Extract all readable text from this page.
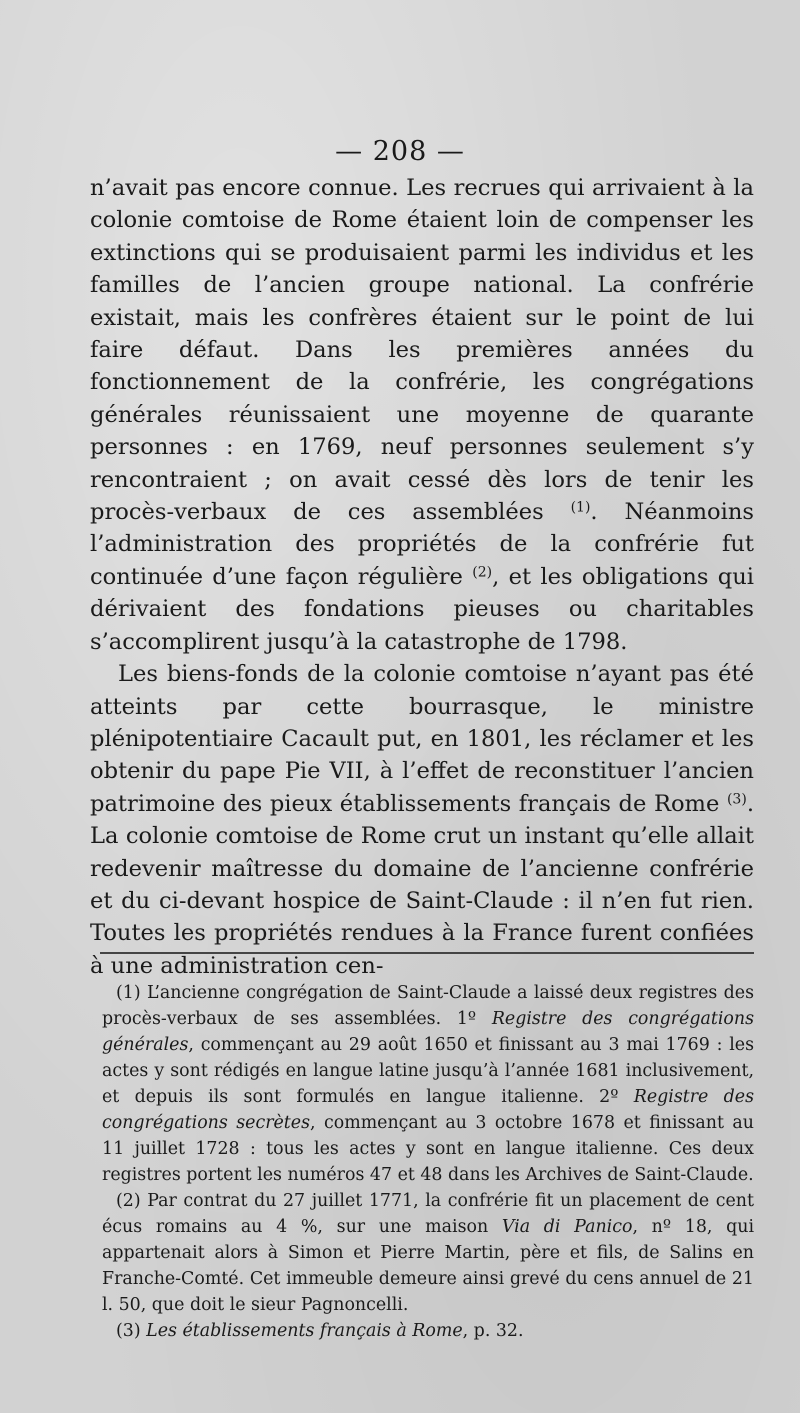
— 208 —

n’avait pas encore connue. Les recrues qui arrivaient à la colonie comtoise de Rome étaient loin de compenser les extinctions qui se produisaient parmi les individus et les familles de l’ancien groupe national. La confrérie existait, mais les confrères étaient sur le point de lui faire défaut. Dans les premières années du fonctionnement de la confrérie, les congrégations générales réunissaient une moyenne de quarante personnes : en 1769, neuf personnes seulement s’y rencontraient ; on avait cessé dès lors de tenir les procès-verbaux de ces assemblées $^{(1)}$. Néanmoins l’administration des propriétés de la confrérie fut continuée d’une façon régulière $^{(2)}$, et les obligations qui dérivaient des fondations pieuses ou charitables s’accomplirent jusqu’à la catastrophe de 1798.

Les biens-fonds de la colonie comtoise n’ayant pas été atteints par cette bourrasque, le ministre plénipotentiaire Cacault put, en 1801, les réclamer et les obtenir du pape Pie VII, à l’effet de reconstituer l’ancien patrimoine des pieux établissements français de Rome $^{(3)}$. La colonie comtoise de Rome crut un instant qu’elle allait redevenir maîtresse du domaine de l’ancienne confrérie et du ci-devant hospice de Saint-Claude : il n’en fut rien. Toutes les propriétés rendues à la France furent confiées à une administration cen-

(1) L’ancienne congrégation de Saint-Claude a laissé deux registres des procès-verbaux de ses assemblées. 1º Registre des congrégations générales, commençant au 29 août 1650 et finissant au 3 mai 1769 : les actes y sont rédigés en langue latine jusqu’à l’année 1681 inclusivement, et depuis ils sont formulés en langue italienne. 2º Registre des congrégations secrètes, commençant au 3 octobre 1678 et finissant au 11 juillet 1728 : tous les actes y sont en langue italienne. Ces deux registres portent les numéros 47 et 48 dans les Archives de Saint-Claude.

(2) Par contrat du 27 juillet 1771, la confrérie fit un placement de cent écus romains au 4 %, sur une maison Via di Panico, nº 18, qui appartenait alors à Simon et Pierre Martin, père et fils, de Salins en Franche-Comté. Cet immeuble demeure ainsi grevé du cens annuel de 21 l. 50, que doit le sieur Pagnoncelli.

(3) Les établissements français à Rome, p. 32.
